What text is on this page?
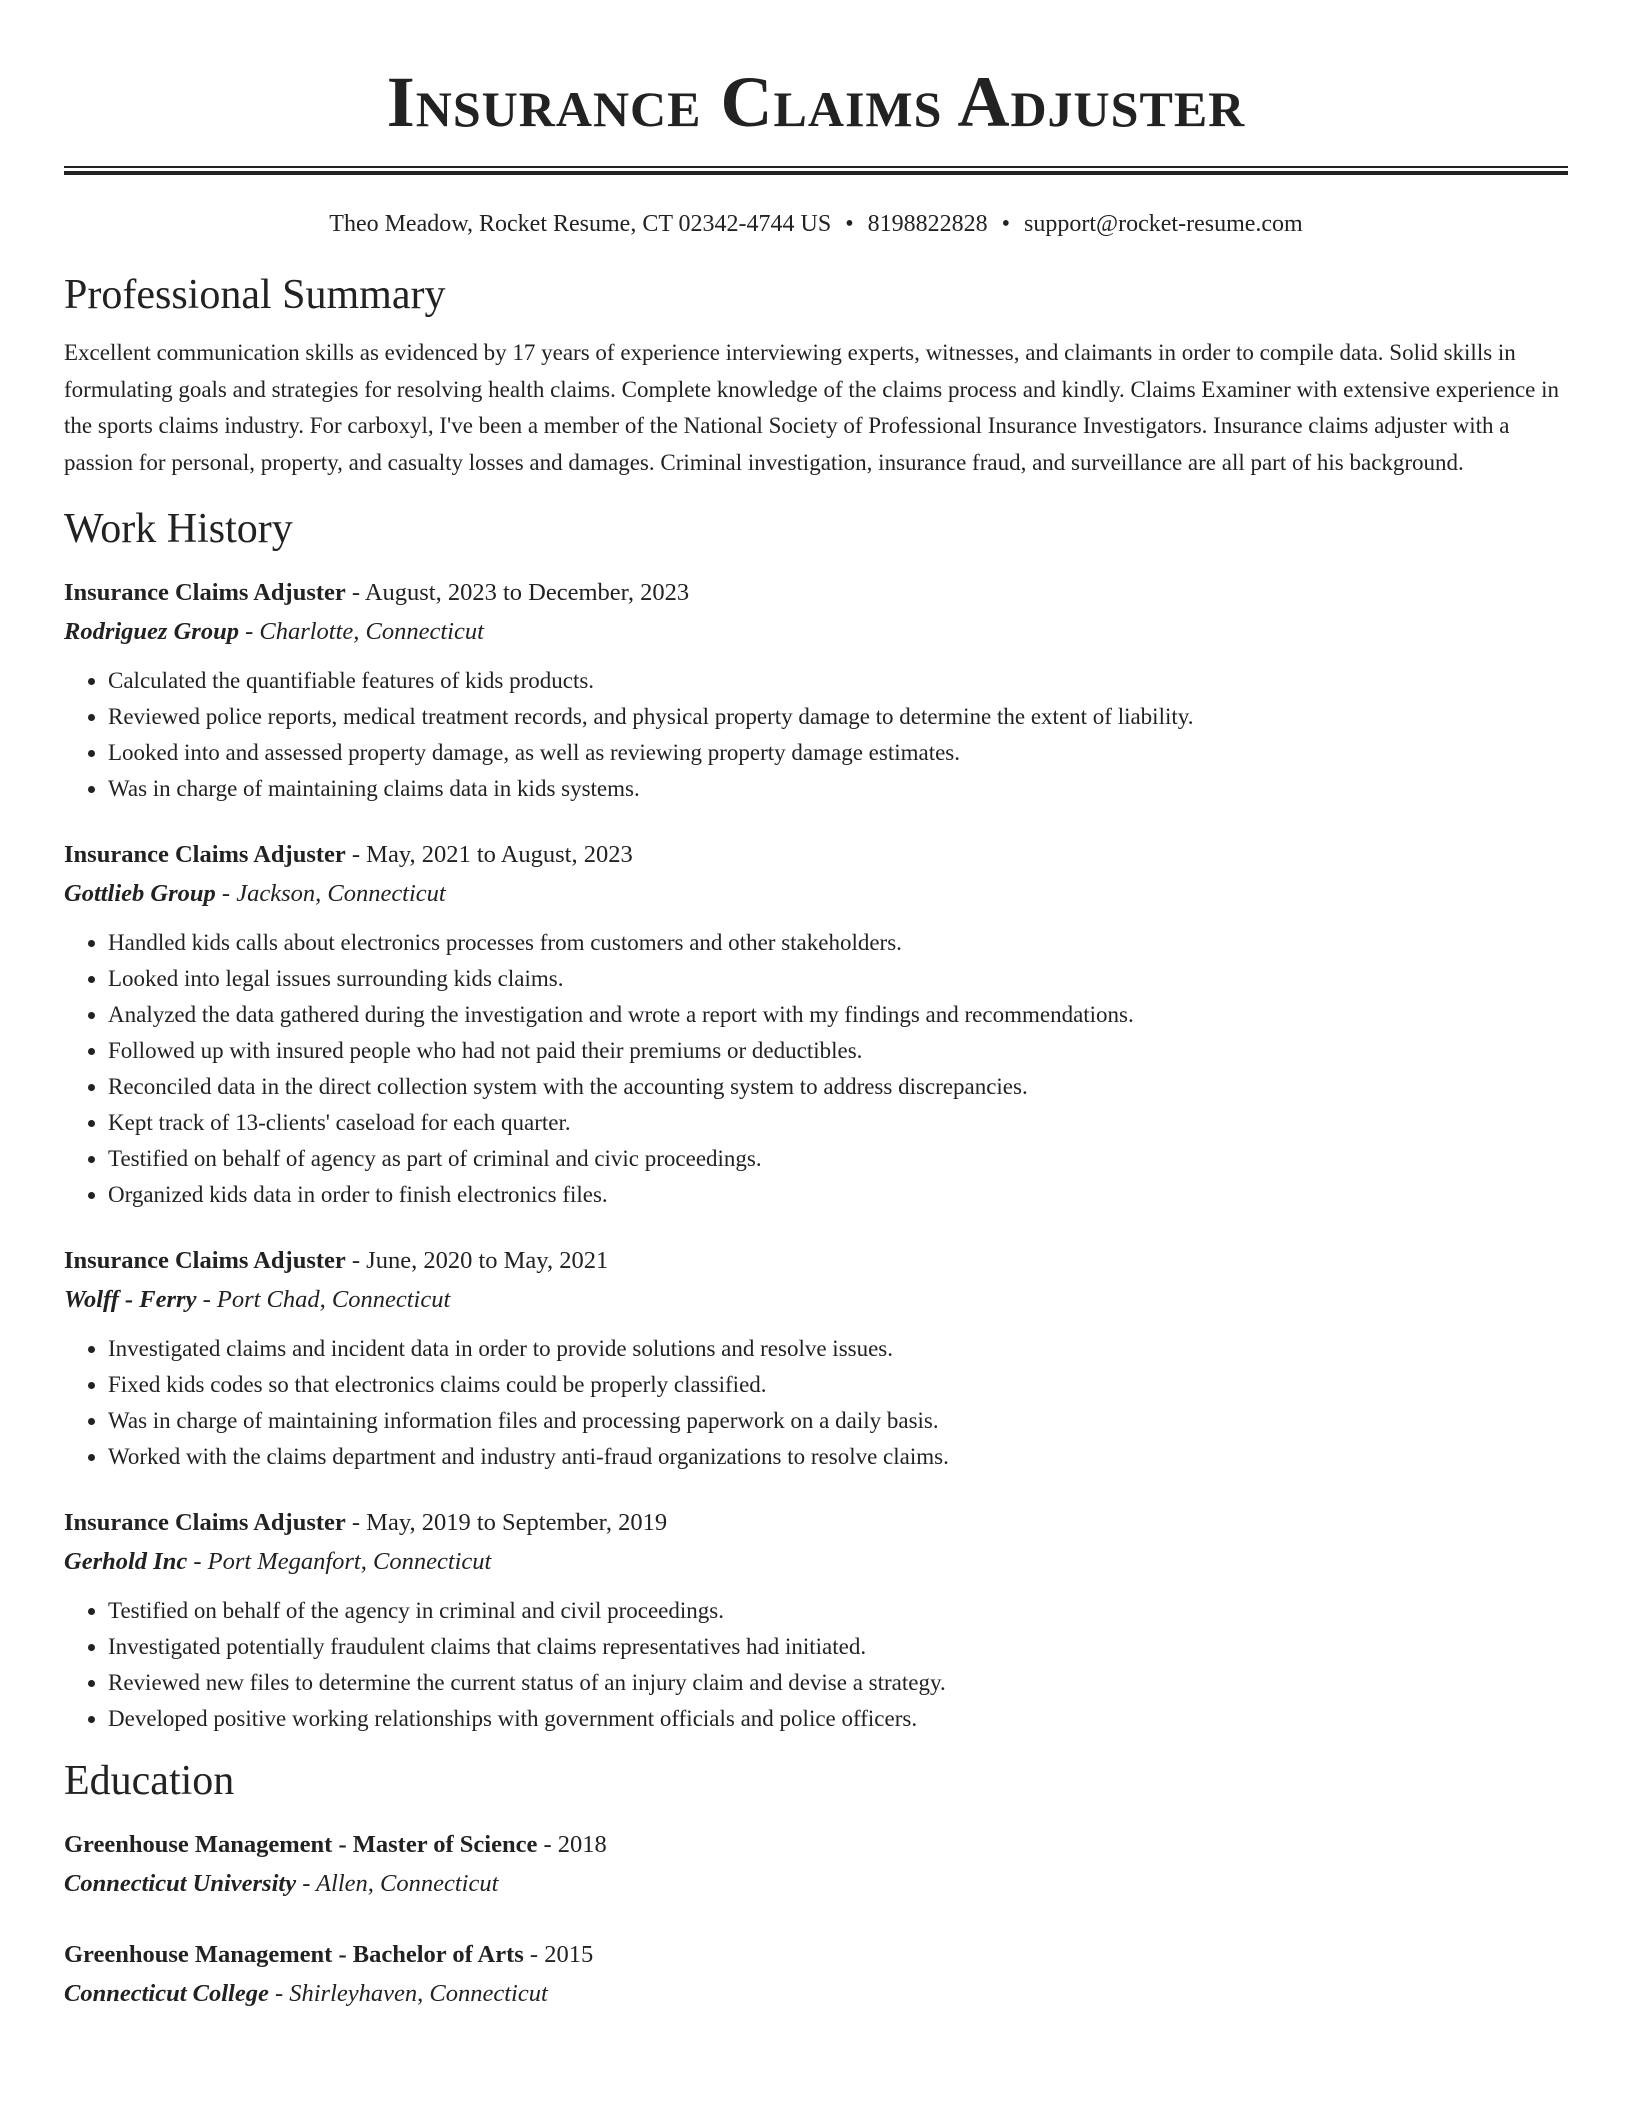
Insurance Claims Adjuster
Theo Meadow, Rocket Resume, CT 02342-4744 US • 8198822828 • support@rocket-resume.com
Professional Summary

Excellent communication skills as evidenced by 17 years of experience interviewing experts, witnesses, and claimants in order to compile data. Solid skills in formulating goals and strategies for resolving health claims. Complete knowledge of the claims process and kindly. Claims Examiner with extensive experience in the sports claims industry. For carboxyl, I've been a member of the National Society of Professional Insurance Investigators. Insurance claims adjuster with a passion for personal, property, and casualty losses and damages. Criminal investigation, insurance fraud, and surveillance are all part of his background.

Work History
Insurance Claims Adjuster - August, 2023 to December, 2023
Rodriguez Group - Charlotte, Connecticut
• Calculated the quantifiable features of kids products.
• Reviewed police reports, medical treatment records, and physical property damage to determine the extent of liability.
• Looked into and assessed property damage, as well as reviewing property damage estimates.
• Was in charge of maintaining claims data in kids systems.
Insurance Claims Adjuster - May, 2021 to August, 2023
Gottlieb Group - Jackson, Connecticut
• Handled kids calls about electronics processes from customers and other stakeholders.
• Looked into legal issues surrounding kids claims.
• Analyzed the data gathered during the investigation and wrote a report with my findings and recommendations.
• Followed up with insured people who had not paid their premiums or deductibles.
• Reconciled data in the direct collection system with the accounting system to address discrepancies.
• Kept track of 13-clients' caseload for each quarter.
• Testified on behalf of agency as part of criminal and civic proceedings.
• Organized kids data in order to finish electronics files.
Insurance Claims Adjuster - June, 2020 to May, 2021
Wolff - Ferry - Port Chad, Connecticut
• Investigated claims and incident data in order to provide solutions and resolve issues.
• Fixed kids codes so that electronics claims could be properly classified.
• Was in charge of maintaining information files and processing paperwork on a daily basis.
• Worked with the claims department and industry anti-fraud organizations to resolve claims.
Insurance Claims Adjuster - May, 2019 to September, 2019
Gerhold Inc - Port Meganfort, Connecticut
• Testified on behalf of the agency in criminal and civil proceedings.
• Investigated potentially fraudulent claims that claims representatives had initiated.
• Reviewed new files to determine the current status of an injury claim and devise a strategy.
• Developed positive working relationships with government officials and police officers.
Education
Greenhouse Management - Master of Science - 2018
Connecticut University - Allen, Connecticut
Greenhouse Management - Bachelor of Arts - 2015
Connecticut College - Shirleyhaven, Connecticut
